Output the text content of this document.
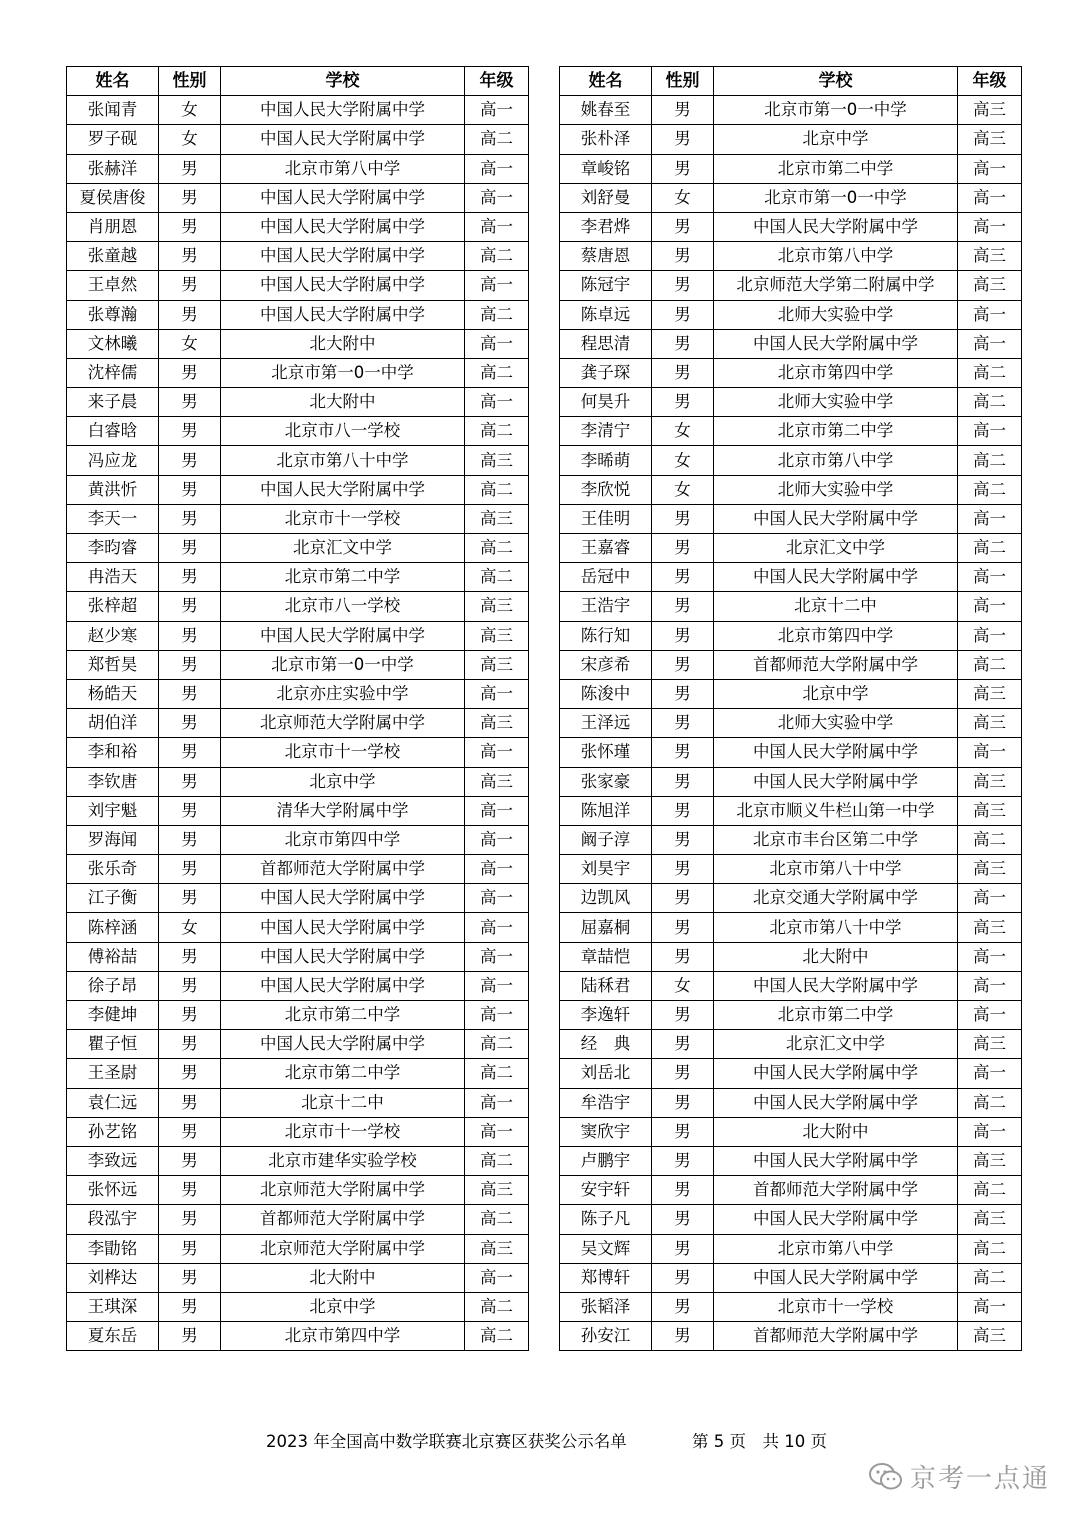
姓名	性别	学校	年级
张闻青	女	中国人民大学附属中学	高一
罗子砚	女	中国人民大学附属中学	高二
张赫洋	男	北京市第八中学	高一
夏侯唐俊	男	中国人民大学附属中学	高一
肖朋恩	男	中国人民大学附属中学	高一
张童越	男	中国人民大学附属中学	高二
王卓然	男	中国人民大学附属中学	高一
张尊瀚	男	中国人民大学附属中学	高二
文林曦	女	北大附中	高一
沈梓儒	男	北京市第一0一中学	高二
来子晨	男	北大附中	高一
白睿晗	男	北京市八一学校	高二
冯应龙	男	北京市第八十中学	高三
黄洪忻	男	中国人民大学附属中学	高二
李天一	男	北京市十一学校	高三
李昀睿	男	北京汇文中学	高二
冉浩天	男	北京市第二中学	高二
张梓超	男	北京市八一学校	高三
赵少寒	男	中国人民大学附属中学	高三
郑哲昊	男	北京市第一0一中学	高三
杨皓天	男	北京亦庄实验中学	高一
胡伯洋	男	北京师范大学附属中学	高三
李和裕	男	北京市十一学校	高一
李钦唐	男	北京中学	高三
刘宇魁	男	清华大学附属中学	高一
罗海闻	男	北京市第四中学	高一
张乐奇	男	首都师范大学附属中学	高一
江子衡	男	中国人民大学附属中学	高一
陈梓涵	女	中国人民大学附属中学	高一
傅裕喆	男	中国人民大学附属中学	高一
徐子昂	男	中国人民大学附属中学	高一
李健坤	男	北京市第二中学	高一
瞿子恒	男	中国人民大学附属中学	高二
王圣尉	男	北京市第二中学	高二
袁仁远	男	北京十二中	高一
孙艺铭	男	北京市十一学校	高一
李致远	男	北京市建华实验学校	高二
张怀远	男	北京师范大学附属中学	高三
段泓宇	男	首都师范大学附属中学	高二
李勖铭	男	北京师范大学附属中学	高三
刘桦达	男	北大附中	高一
王琪深	男	北京中学	高二
夏东岳	男	北京市第四中学	高二
姓名	性别	学校	年级
姚春至	男	北京市第一0一中学	高三
张朴泽	男	北京中学	高三
章峻铭	男	北京市第二中学	高一
刘舒曼	女	北京市第一0一中学	高一
李君烨	男	中国人民大学附属中学	高一
蔡唐恩	男	北京市第八中学	高三
陈冠宇	男	北京师范大学第二附属中学	高三
陈卓远	男	北师大实验中学	高一
程思清	男	中国人民大学附属中学	高一
龚子琛	男	北京市第四中学	高二
何昊升	男	北师大实验中学	高二
李清宁	女	北京市第二中学	高一
李晞萌	女	北京市第八中学	高二
李欣悦	女	北师大实验中学	高二
王佳明	男	中国人民大学附属中学	高一
王嘉睿	男	北京汇文中学	高二
岳冠中	男	中国人民大学附属中学	高一
王浩宇	男	北京十二中	高一
陈行知	男	北京市第四中学	高一
宋彦希	男	首都师范大学附属中学	高二
陈浚中	男	北京中学	高三
王泽远	男	北师大实验中学	高三
张怀瑾	男	中国人民大学附属中学	高一
张家豪	男	中国人民大学附属中学	高三
陈旭洋	男	北京市顺义牛栏山第一中学	高三
阚子淳	男	北京市丰台区第二中学	高二
刘昊宇	男	北京市第八十中学	高三
边凯风	男	北京交通大学附属中学	高一
屈嘉桐	男	北京市第八十中学	高三
章喆恺	男	北大附中	高一
陆秝君	女	中国人民大学附属中学	高一
李逸轩	男	北京市第二中学	高一
经　典	男	北京汇文中学	高三
刘岳北	男	中国人民大学附属中学	高一
牟浩宇	男	中国人民大学附属中学	高二
窦欣宇	男	北大附中	高一
卢鹏宇	男	中国人民大学附属中学	高三
安宇轩	男	首都师范大学附属中学	高二
陈子凡	男	中国人民大学附属中学	高三
吴文辉	男	北京市第八中学	高二
郑博轩	男	中国人民大学附属中学	高二
张韬泽	男	北京市十一学校	高一
孙安江	男	首都师范大学附属中学	高三
2023 年全国高中数学联赛北京赛区获奖公示名单	第 5 页　共 10 页
京考一点通
